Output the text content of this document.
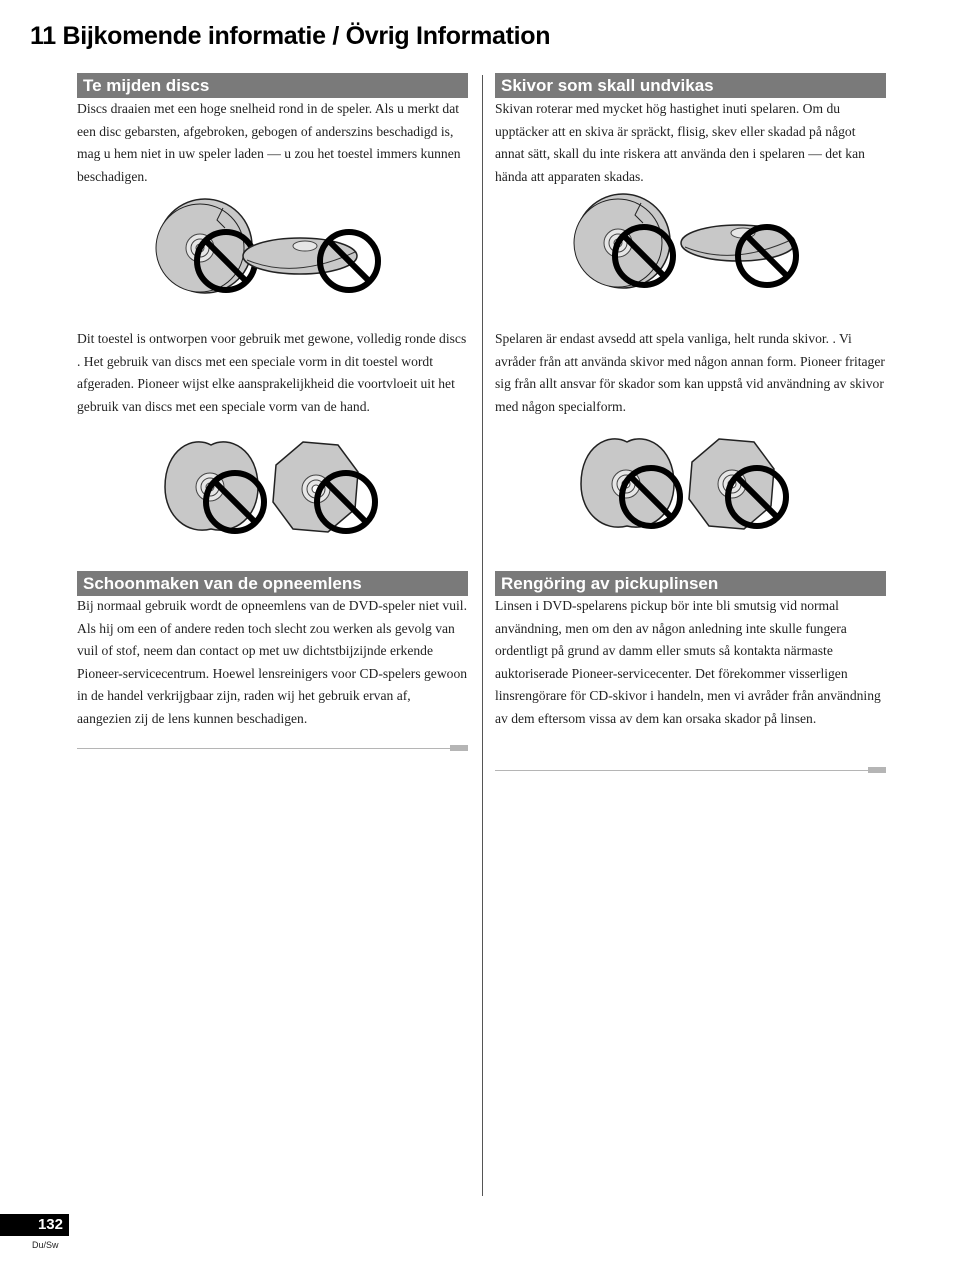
11 Bijkomende informatie / Övrig Information
Te mijden discs

Discs draaien met een hoge snelheid rond in de speler. Als u merkt dat een disc gebarsten, afgebroken, gebogen of anderszins beschadigd is, mag u hem niet in uw speler laden — u zou het toestel immers kunnen beschadigen.

Dit toestel is ontworpen voor gebruik met gewone, volledig ronde discs . Het gebruik van discs met een speciale vorm in dit toestel wordt afgeraden. Pioneer wijst elke aansprakelijkheid die voortvloeit uit het gebruik van discs met een speciale vorm van de hand.

Schoonmaken van de opneemlens

Bij normaal gebruik wordt de opneemlens van de DVD-speler niet vuil. Als hij om een of andere reden toch slecht zou werken als gevolg van vuil of stof, neem dan contact op met uw dichtstbijzijnde erkende Pioneer-servicecentrum. Hoewel lensreinigers voor CD-spelers gewoon in de handel verkrijgbaar zijn, raden wij het gebruik ervan af, aangezien zij de lens kunnen beschadigen.

Skivor som skall undvikas

Skivan roterar med mycket hög hastighet inuti spelaren. Om du upptäcker att en skiva är spräckt, flisig, skev eller skadad på något annat sätt, skall du inte riskera att använda den i spelaren — det kan hända att apparaten skadas.

Spelaren är endast avsedd att spela vanliga, helt runda skivor. . Vi avråder från att använda skivor med någon annan form. Pioneer fritager sig från allt ansvar för skador som kan uppstå vid användning av skivor med någon specialform.

Rengöring av pickuplinsen

Linsen i DVD-spelarens pickup bör inte bli smutsig vid normal användning, men om den av någon anledning inte skulle fungera ordentligt på grund av damm eller smuts så kontakta närmaste auktoriserade Pioneer-servicecenter. Det förekommer visserligen linsrengörare för CD-skivor i handeln, men vi avråder från användning av dem eftersom vissa av dem kan orsaka skador på linsen.

132
Du/Sw
